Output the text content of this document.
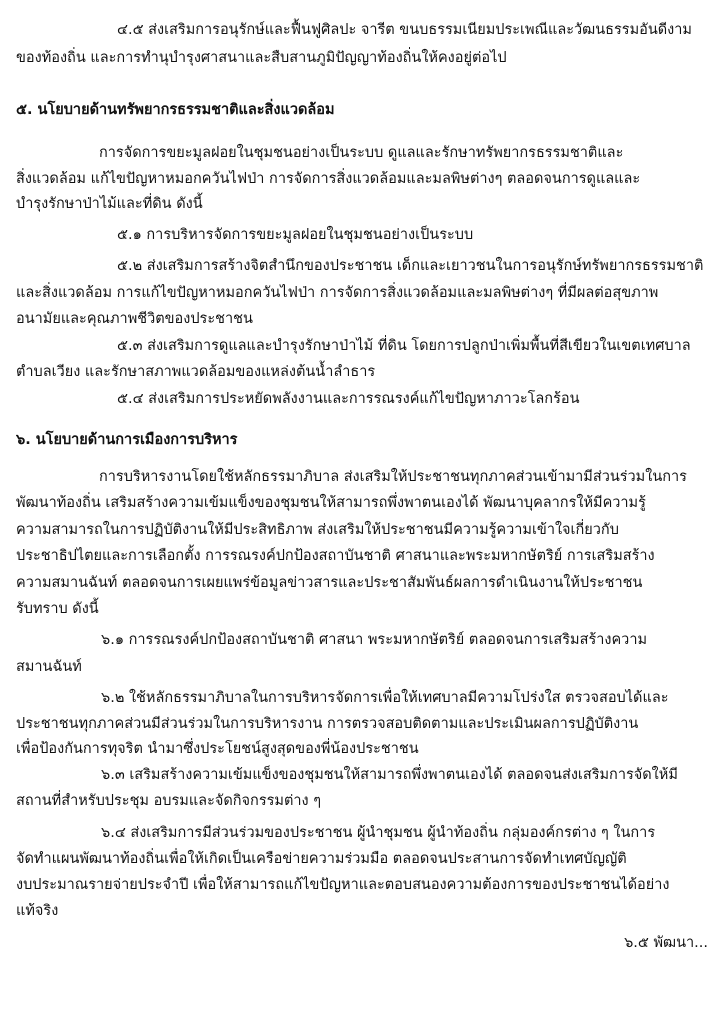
๔.๕ ส่งเสริมการอนุรักษ์และฟื้นฟูศิลปะ จารีต ขนบธรรมเนียมประเพณีและวัฒนธรรมอันดีงาม
ของท้องถิ่น และการทำนุบำรุงศาสนาและสืบสานภูมิปัญญาท้องถิ่นให้คงอยู่ต่อไป
๕. นโยบายด้านทรัพยากรธรรมชาติและสิ่งแวดล้อม
การจัดการขยะมูลฝอยในชุมชนอย่างเป็นระบบ ดูแลและรักษาทรัพยากรธรรมชาติและ
สิ่งแวดล้อม แก้ไขปัญหาหมอกควันไฟป่า การจัดการสิ่งแวดล้อมและมลพิษต่างๆ ตลอดจนการดูแลและ
บำรุงรักษาป่าไม้และที่ดิน ดังนี้
๕.๑ การบริหารจัดการขยะมูลฝอยในชุมชนอย่างเป็นระบบ
๕.๒ ส่งเสริมการสร้างจิตสำนึกของประชาชน เด็กและเยาวชนในการอนุรักษ์ทรัพยากรธรรมชาติ
และสิ่งแวดล้อม การแก้ไขปัญหาหมอกควันไฟป่า การจัดการสิ่งแวดล้อมและมลพิษต่างๆ ที่มีผลต่อสุขภาพ
อนามัยและคุณภาพชีวิตของประชาชน
๕.๓ ส่งเสริมการดูแลและบำรุงรักษาป่าไม้ ที่ดิน โดยการปลูกป่าเพิ่มพื้นที่สีเขียวในเขตเทศบาล
ตำบลเวียง และรักษาสภาพแวดล้อมของแหล่งต้นน้ำลำธาร
๕.๔ ส่งเสริมการประหยัดพลังงานและการรณรงค์แก้ไขปัญหาภาวะโลกร้อน
๖. นโยบายด้านการเมืองการบริหาร
การบริหารงานโดยใช้หลักธรรมาภิบาล ส่งเสริมให้ประชาชนทุกภาคส่วนเข้ามามีส่วนร่วมในการ
พัฒนาท้องถิ่น เสริมสร้างความเข้มแข็งของชุมชนให้สามารถพึ่งพาตนเองได้ พัฒนาบุคลากรให้มีความรู้
ความสามารถในการปฏิบัติงานให้มีประสิทธิภาพ ส่งเสริมให้ประชาชนมีความรู้ความเข้าใจเกี่ยวกับ
ประชาธิปไตยและการเลือกตั้ง การรณรงค์ปกป้องสถาบันชาติ ศาสนาและพระมหากษัตริย์ การเสริมสร้าง
ความสมานฉันท์ ตลอดจนการเผยแพร่ข้อมูลข่าวสารและประชาสัมพันธ์ผลการดำเนินงานให้ประชาชน
รับทราบ ดังนี้
๖.๑ การรณรงค์ปกป้องสถาบันชาติ ศาสนา พระมหากษัตริย์ ตลอดจนการเสริมสร้างความ
สมานฉันท์
๖.๒ ใช้หลักธรรมาภิบาลในการบริหารจัดการเพื่อให้เทศบาลมีความโปร่งใส ตรวจสอบได้และ
ประชาชนทุกภาคส่วนมีส่วนร่วมในการบริหารงาน การตรวจสอบติดตามและประเมินผลการปฏิบัติงาน
เพื่อป้องกันการทุจริต นำมาซึ่งประโยชน์สูงสุดของพี่น้องประชาชน
๖.๓ เสริมสร้างความเข้มแข็งของชุมชนให้สามารถพึ่งพาตนเองได้ ตลอดจนส่งเสริมการจัดให้มี
สถานที่สำหรับประชุม อบรมและจัดกิจกรรมต่าง ๆ
๖.๔ ส่งเสริมการมีส่วนร่วมของประชาชน ผู้นำชุมชน ผู้นำท้องถิ่น กลุ่มองค์กรต่าง ๆ ในการ
จัดทำแผนพัฒนาท้องถิ่นเพื่อให้เกิดเป็นเครือข่ายความร่วมมือ ตลอดจนประสานการจัดทำเทศบัญญัติ
งบประมาณรายจ่ายประจำปี เพื่อให้สามารถแก้ไขปัญหาและตอบสนองความต้องการของประชาชนได้อย่าง
แท้จริง
๖.๕ พัฒนา...
